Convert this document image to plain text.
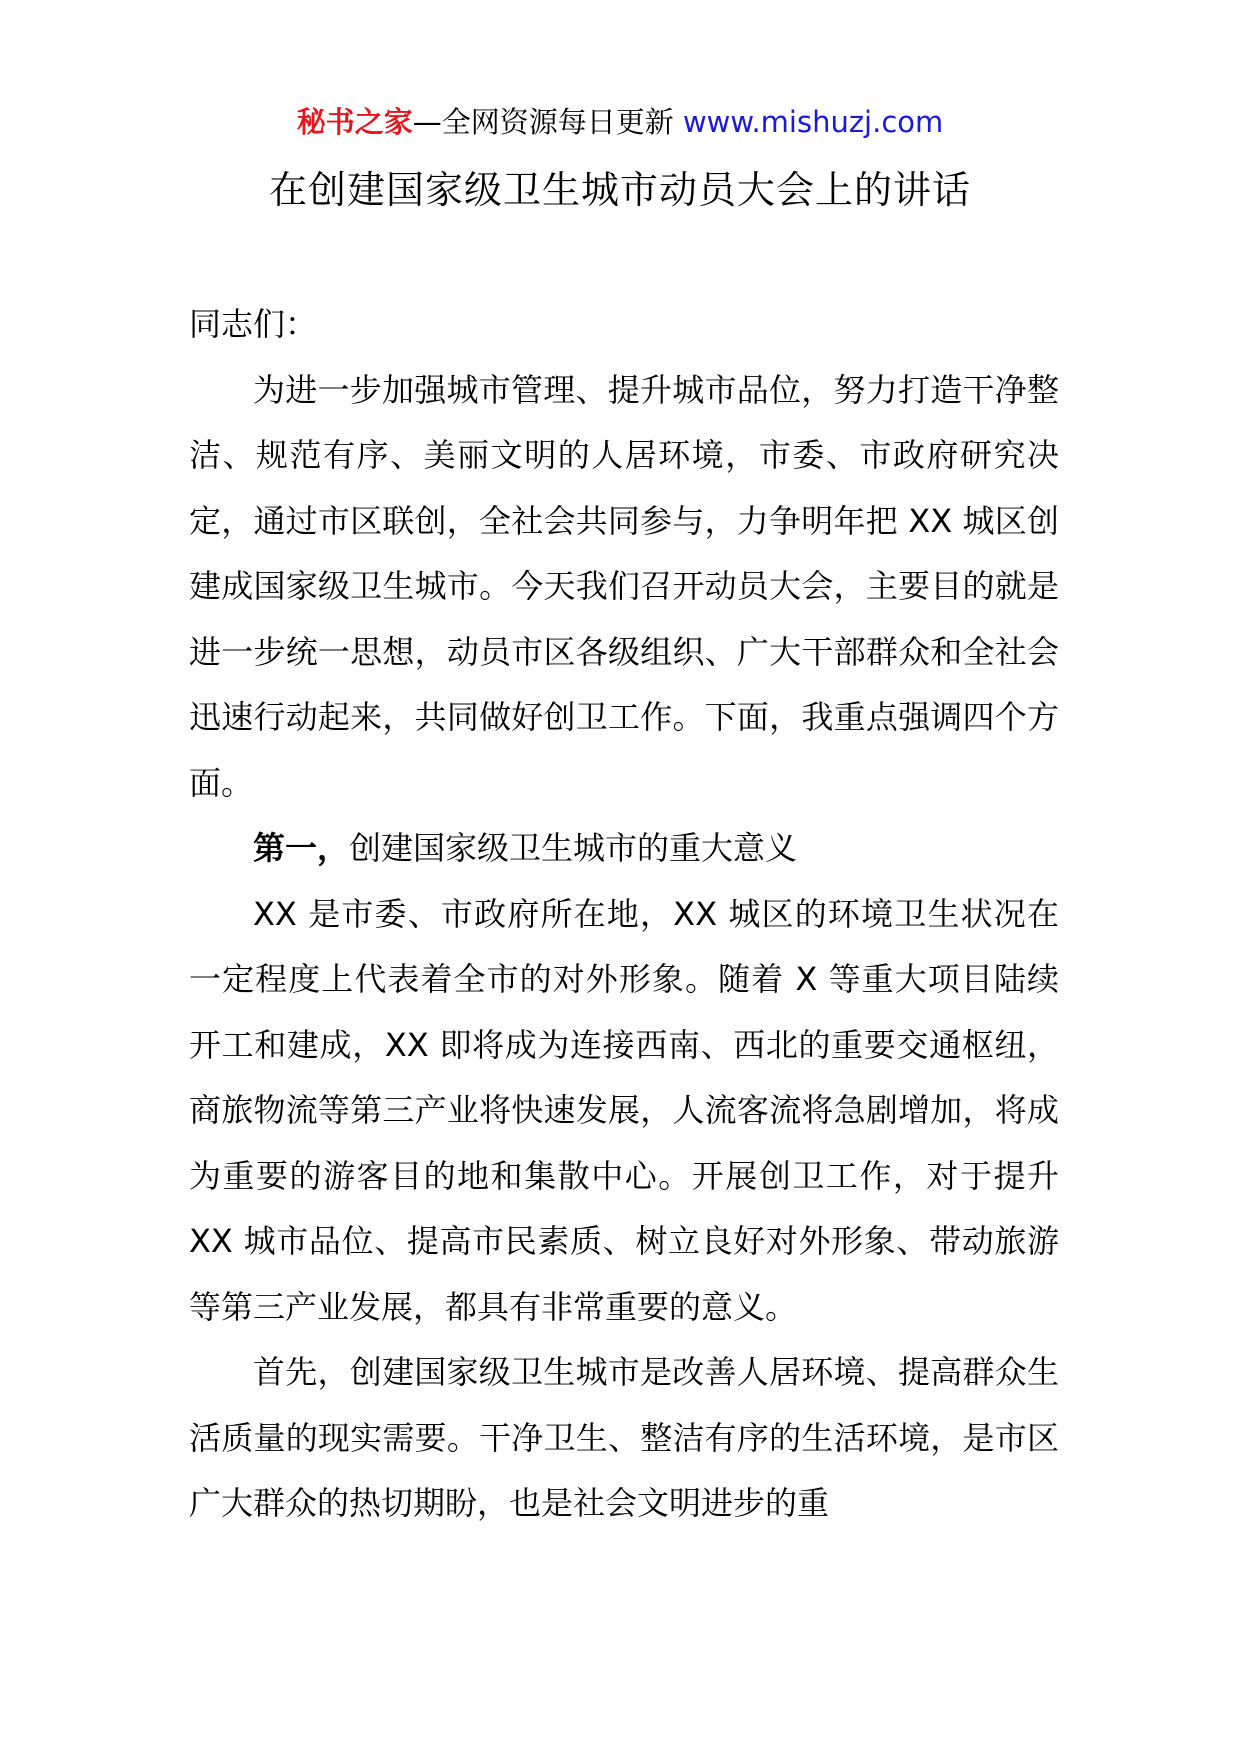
秘书之家—全网资源每日更新 www.mishuzj.com
在创建国家级卫生城市动员大会上的讲话

同志们：

为进一步加强城市管理、提升城市品位，努力打造干净整洁、规范有序、美丽文明的人居环境，市委、市政府研究决定，通过市区联创，全社会共同参与，力争明年把 XX 城区创建成国家级卫生城市。今天我们召开动员大会，主要目的就是进一步统一思想，动员市区各级组织、广大干部群众和全社会迅速行动起来，共同做好创卫工作。下面，我重点强调四个方面。

第一，创建国家级卫生城市的重大意义

XX 是市委、市政府所在地，XX 城区的环境卫生状况在一定程度上代表着全市的对外形象。随着 X 等重大项目陆续开工和建成，XX 即将成为连接西南、西北的重要交通枢纽，商旅物流等第三产业将快速发展，人流客流将急剧增加，将成为重要的游客目的地和集散中心。开展创卫工作，对于提升 XX 城市品位、提高市民素质、树立良好对外形象、带动旅游等第三产业发展，都具有非常重要的意义。

首先，创建国家级卫生城市是改善人居环境、提高群众生活质量的现实需要。干净卫生、整洁有序的生活环境，是市区广大群众的热切期盼，也是社会文明进步的重
